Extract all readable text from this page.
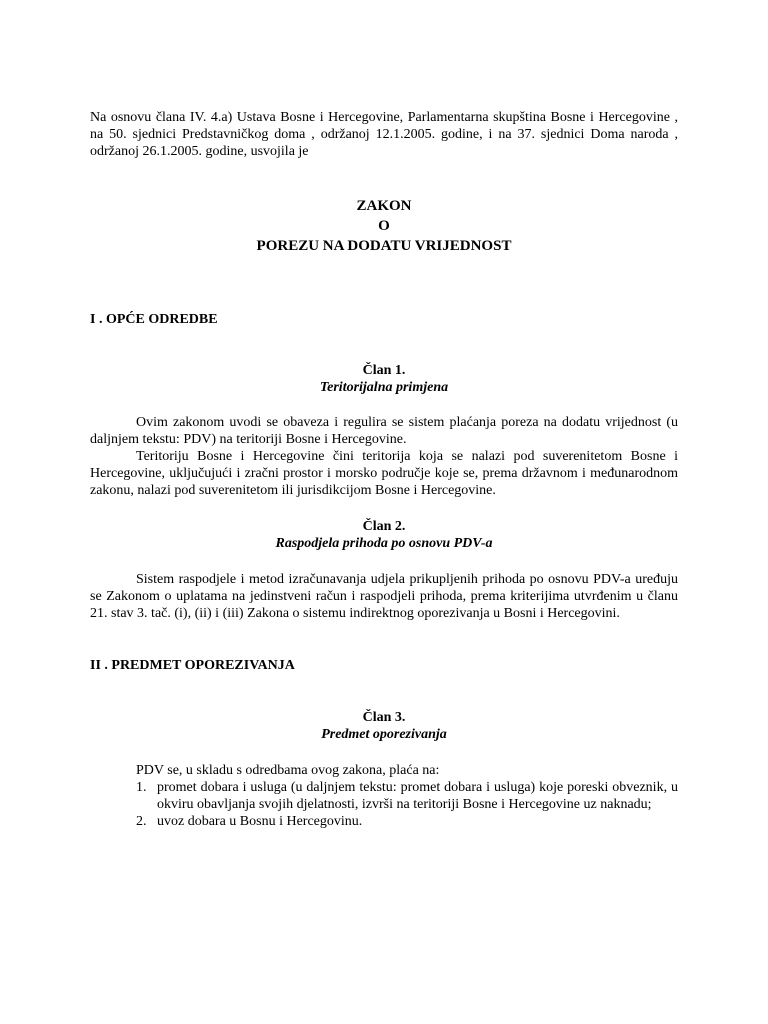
Na osnovu člana IV. 4.a) Ustava Bosne i Hercegovine, Parlamentarna skupština Bosne i Hercegovine , na 50. sjednici Predstavničkog doma , održanoj 12.1.2005. godine, i na 37. sjednici Doma naroda , održanoj 26.1.2005. godine, usvojila je
ZAKON
O
POREZU NA DODATU VRIJEDNOST
I . OPĆE ODREDBE
Član 1.
Teritorijalna primjena

Ovim zakonom uvodi se obaveza i regulira se sistem plaćanja poreza na dodatu vrijednost (u daljnjem tekstu: PDV) na teritoriji Bosne i Hercegovine.

Teritoriju Bosne i Hercegovine čini teritorija koja se nalazi pod suverenitetom Bosne i Hercegovine, uključujući i zračni prostor i morsko područje koje se, prema državnom i međunarodnom zakonu, nalazi pod suverenitetom ili jurisdikcijom Bosne i Hercegovine.

Član 2.
Raspodjela prihoda po osnovu PDV-a

Sistem raspodjele i metod izračunavanja udjela prikupljenih prihoda po osnovu PDV-a uređuju se Zakonom o uplatama na jedinstveni račun i raspodjeli prihoda, prema kriterijima utvrđenim u članu 21. stav 3. tač. (i), (ii) i (iii) Zakona o sistemu indirektnog oporezivanja u Bosni i Hercegovini.

II . PREDMET OPOREZIVANJA
Član 3.
Predmet oporezivanja

PDV se, u skladu s odredbama ovog zakona, plaća na:

1. promet dobara i usluga (u daljnjem tekstu: promet dobara i usluga) koje poreski obveznik, u okviru obavljanja svojih djelatnosti, izvrši na teritoriji Bosne i Hercegovine uz naknadu;
2. uvoz dobara u Bosnu i Hercegovinu.
